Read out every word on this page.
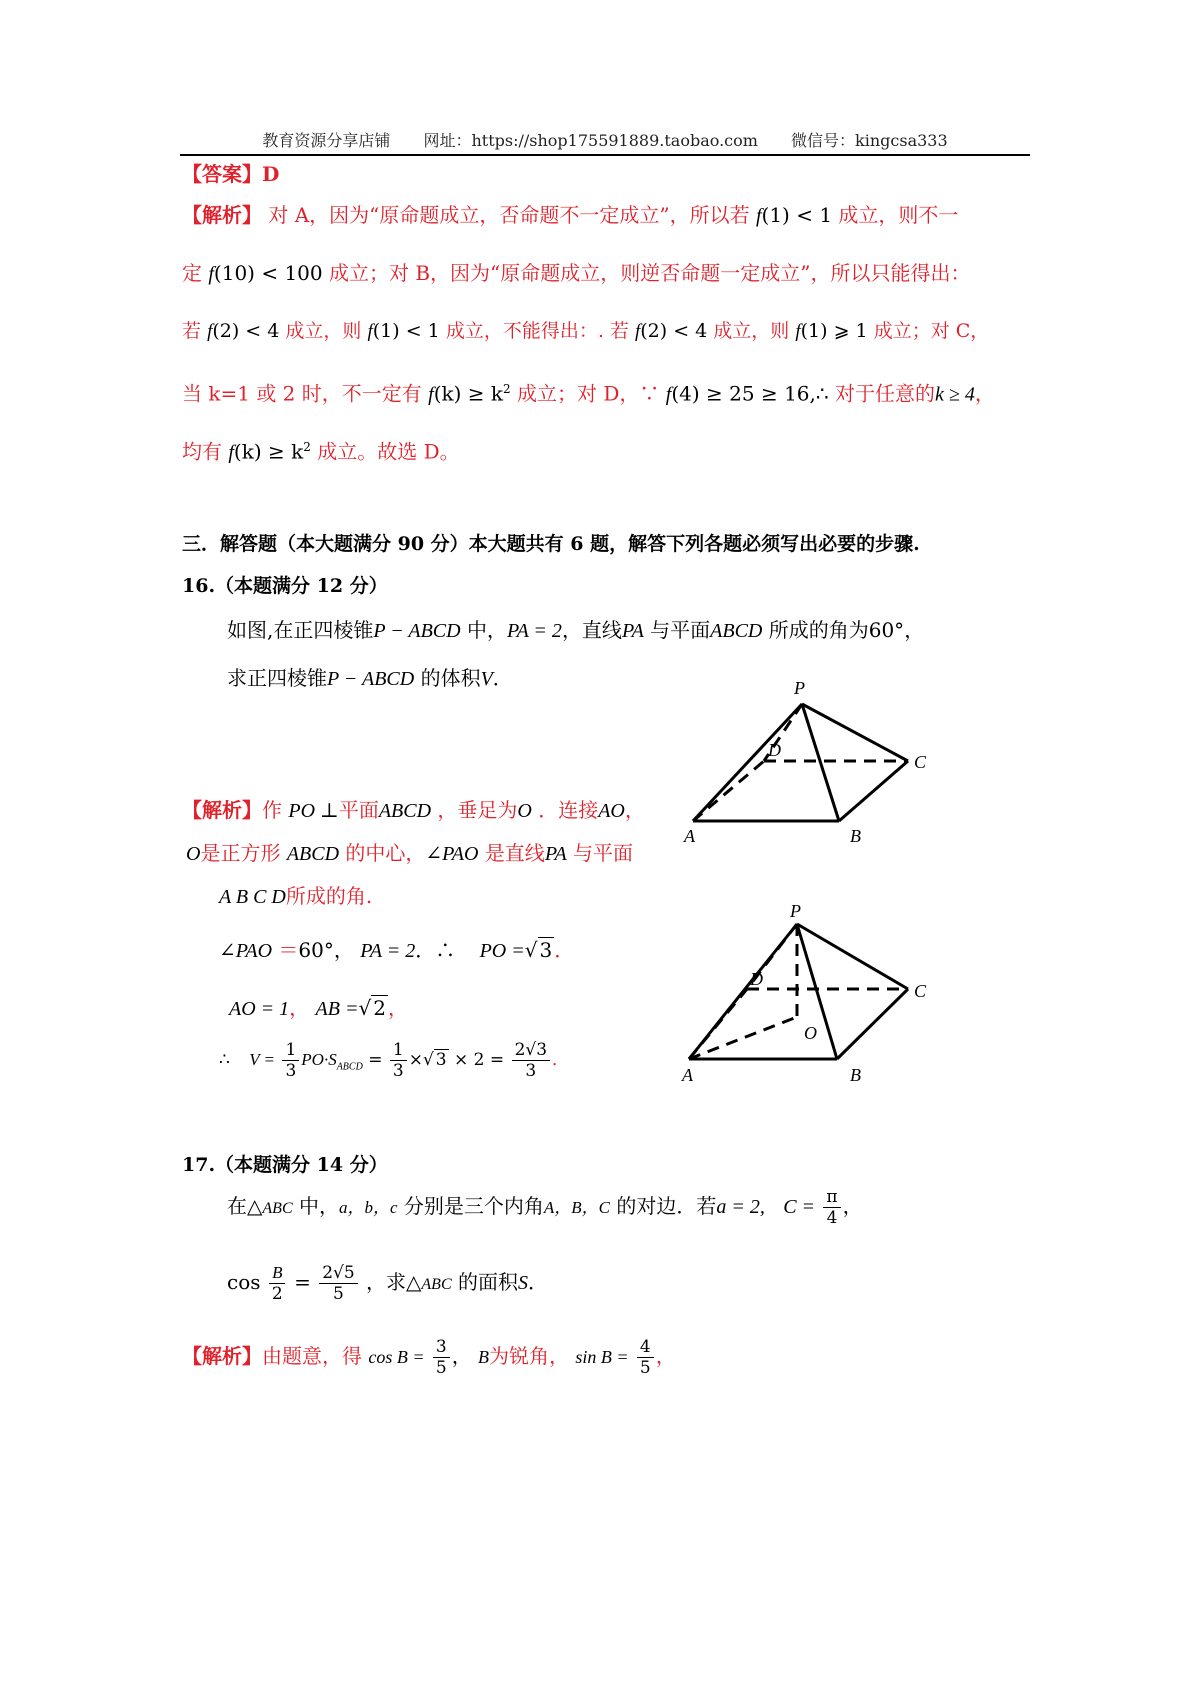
教育资源分享店铺 网址：https://shop175591889.taobao.com 微信号：kingcsa333
【答案】D
【解析】 对 A，因为“原命题成立，否命题不一定成立”，所以若 f(1) < 1 成立，则不一
定 f(10) < 100 成立；对 B，因为“原命题成立，则逆否命题一定成立”，所以只能得出：
若 f(2) < 4 成立，则 f(1) < 1 成立，不能得出：. 若 f(2) < 4 成立，则 f(1) ⩾ 1 成立；对 C，
当 k=1 或 2 时，不一定有 $f(k) \ge k^2$ 成立；对 D，∵ f(4) ≥ 25 ≥ 16,∴ 对于任意的k ≥ 4，
均有 $f(k) \ge k^2$ 成立。故选 D。
三．解答题（本大题满分 90 分）本大题共有 6 题，解答下列各题必须写出必要的步骤.
16.（本题满分 12 分）
如图,在正四棱锥P − ABCD 中，PA = 2，直线PA 与平面ABCD 所成的角为60°，
求正四棱锥P − ABCD 的体积V．
【解析】作 PO ⊥平面ABCD ，垂足为O ．连接AO，
O是正方形 ABCD 的中心，∠PAO 是直线PA 与平面
A B C D所成的角.
∠PAO ＝60°， PA = 2．∴ PO =√ 3 ．
AO = 1， AB =√ 2 ，
∴ $V = \frac{1}{3} PO\cdot S_{ABCD} = \frac{1}{3}$ ×√ $3 \times 2 = \frac{2√3}{3}$ ．
P
A	B
C
D
P
A	B
C
D
O
17.（本题满分 14 分）
在△ABC 中，a，b，c 分别是三个内角A，B，C 的对边．若a = 2, $C = \frac{\pi}{4}$ ，
$\cos \frac{B}{2} = \frac{2√5}{5}$ ，求△ABC 的面积S．
【解析】由题意，得 $\cos B = \frac{3}{5}$ ， B为锐角， $\sin B = \frac{4}{5}$ ，
